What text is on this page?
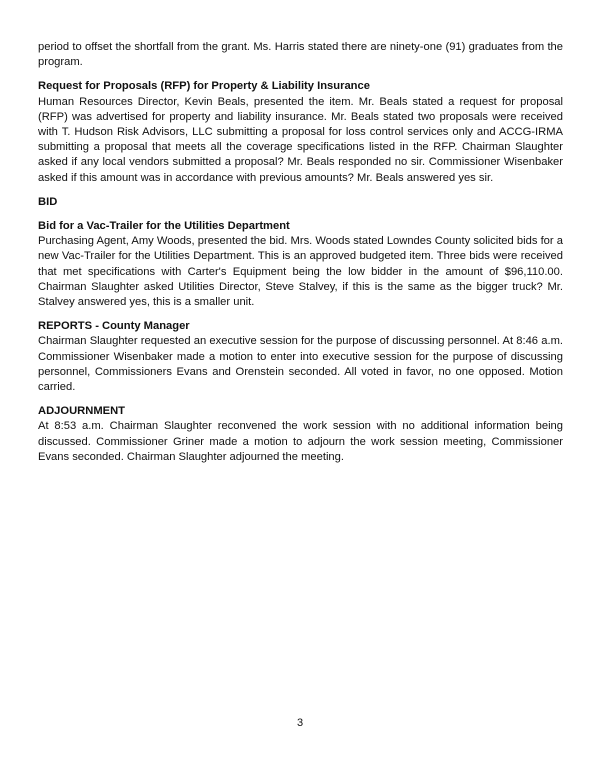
period to offset the shortfall from the grant. Ms. Harris stated there are ninety-one (91) graduates from the program.

Request for Proposals (RFP) for Property & Liability Insurance

Human Resources Director, Kevin Beals, presented the item. Mr. Beals stated a request for proposal (RFP) was advertised for property and liability insurance. Mr. Beals stated two proposals were received with T. Hudson Risk Advisors, LLC submitting a proposal for loss control services only and ACCG-IRMA submitting a proposal that meets all the coverage specifications listed in the RFP. Chairman Slaughter asked if any local vendors submitted a proposal? Mr. Beals responded no sir. Commissioner Wisenbaker asked if this amount was in accordance with previous amounts? Mr. Beals answered yes sir.

BID

Bid for a Vac-Trailer for the Utilities Department

Purchasing Agent, Amy Woods, presented the bid. Mrs. Woods stated Lowndes County solicited bids for a new Vac-Trailer for the Utilities Department. This is an approved budgeted item. Three bids were received that met specifications with Carter's Equipment being the low bidder in the amount of $96,110.00. Chairman Slaughter asked Utilities Director, Steve Stalvey, if this is the same as the bigger truck? Mr. Stalvey answered yes, this is a smaller unit.

REPORTS - County Manager

Chairman Slaughter requested an executive session for the purpose of discussing personnel. At 8:46 a.m. Commissioner Wisenbaker made a motion to enter into executive session for the purpose of discussing personnel, Commissioners Evans and Orenstein seconded. All voted in favor, no one opposed. Motion carried.

ADJOURNMENT

At 8:53 a.m. Chairman Slaughter reconvened the work session with no additional information being discussed. Commissioner Griner made a motion to adjourn the work session meeting, Commissioner Evans seconded. Chairman Slaughter adjourned the meeting.

3
